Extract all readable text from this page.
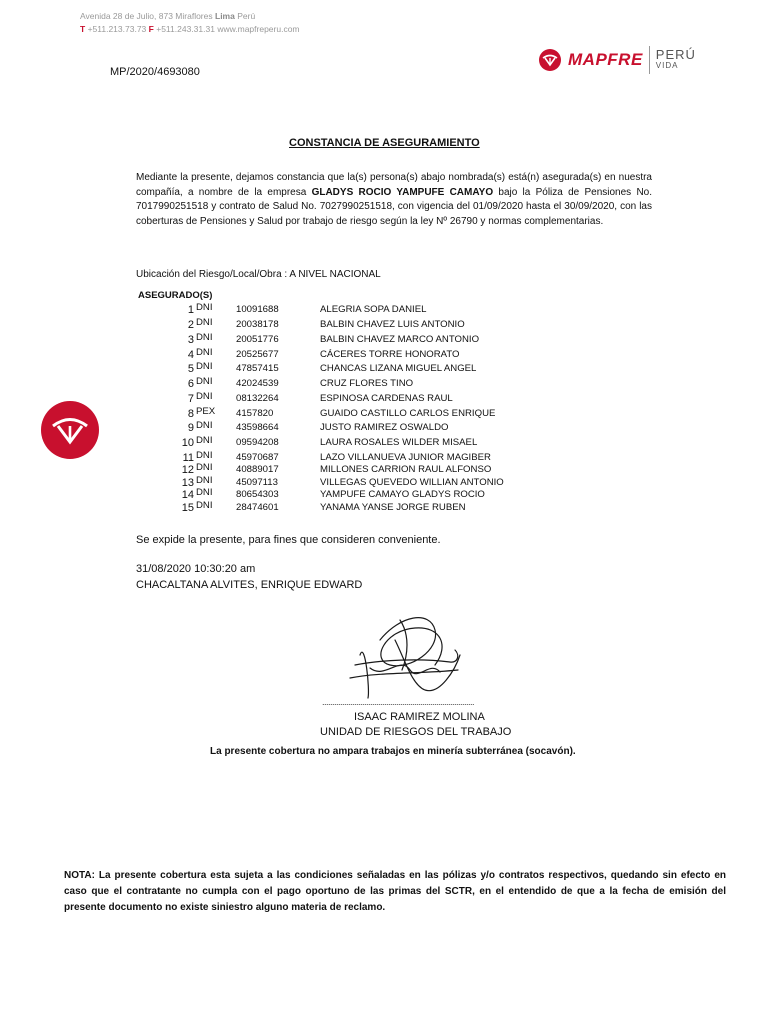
Avenida 28 de Julio, 873 Miraflores Lima Perú
T +511.213.73.73 F +511.243.31.31 www.mapfreperu.com
MAPFRE PERÚ
VIDA
MP/2020/4693080
CONSTANCIA DE ASEGURAMIENTO
Mediante la presente, dejamos constancia que la(s) persona(s) abajo nombrada(s) está(n) asegurada(s) en nuestra compañía, a nombre de la empresa GLADYS ROCIO YAMPUFE CAMAYO bajo la Póliza de Pensiones No. 7017990251518 y contrato de Salud No. 7027990251518, con vigencia del 01/09/2020 hasta el 30/09/2020, con las coberturas de Pensiones y Salud por trabajo de riesgo según la ley Nº 26790 y normas complementarias.
Ubicación del Riesgo/Local/Obra : A NIVEL NACIONAL
ASEGURADO(S)
1 DNI 10091688	ALEGRIA SOPA DANIEL
2 DNI 20038178	BALBIN CHAVEZ LUIS ANTONIO
3 DNI 20051776	BALBIN CHAVEZ MARCO ANTONIO
4 DNI 20525677	CÁCERES TORRE HONORATO
5 DNI 47857415	CHANCAS LIZANA MIGUEL ANGEL
6 DNI 42024539	CRUZ FLORES TINO
7 DNI 08132264	ESPINOSA CARDENAS RAUL
8 PEX 4157820	GUAIDO CASTILLO CARLOS ENRIQUE
9 DNI 43598664	JUSTO RAMIREZ OSWALDO
10 DNI 09594208	LAURA ROSALES WILDER MISAEL
11 DNI 45970687	LAZO VILLANUEVA JUNIOR MAGIBER
12 DNI 40889017	MILLONES CARRION RAUL ALFONSO
13 DNI 45097113	VILLEGAS QUEVEDO WILLIAN ANTONIO
14 DNI 80654303	YAMPUFE CAMAYO GLADYS ROCIO
15 DNI 28474601	YANAMA YANSE JORGE RUBEN
Se expide la presente, para fines que consideren conveniente.
31/08/2020 10:30:20 am
CHACALTANA ALVITES, ENRIQUE EDWARD
............................................................................
ISAAC RAMIREZ MOLINA
UNIDAD DE RIESGOS DEL TRABAJO
La presente cobertura no ampara trabajos en minería subterránea (socavón).
NOTA: La presente cobertura esta sujeta a las condiciones señaladas en las pólizas y/o contratos respectivos, quedando sin efecto en caso que el contratante no cumpla con el pago oportuno de las primas del SCTR, en el entendido de que a la fecha de emisión del presente documento no existe siniestro alguno materia de reclamo.
